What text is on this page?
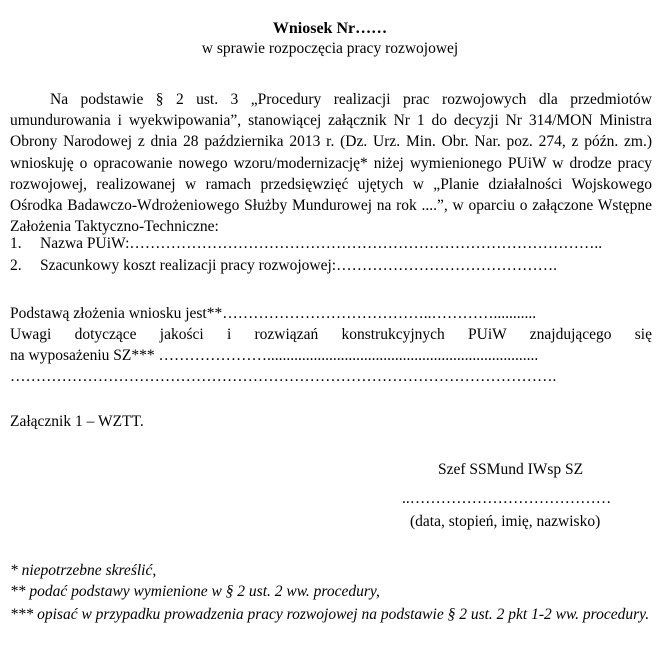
Wniosek Nr……
w sprawie rozpoczęcia pracy rozwojowej
Na podstawie § 2 ust. 3 „Procedury realizacji prac rozwojowych dla przedmiotów umundurowania i wyekwipowania”, stanowiącej załącznik Nr 1 do decyzji Nr 314/MON Ministra Obrony Narodowej z dnia 28 października 2013 r. (Dz. Urz. Min. Obr. Nar. poz. 274, z późn. zm.) wnioskuję o opracowanie nowego wzoru/modernizację* niżej wymienionego PUiW w drodze pracy rozwojowej, realizowanej w ramach przedsięwzięć ujętych w „Planie działalności Wojskowego Ośrodka Badawczo-Wdrożeniowego Służby Mundurowej na rok ....”, w oparciu o załączone Wstępne Założenia Taktyczno-Techniczne:
1. Nazwa PUiW:………………………………………………………………………………..
2. Szacunkowy koszt realizacji pracy rozwojowej:…………………………………….
Podstawą złożenia wniosku jest**…………………………………..…………...........
Uwagi dotyczące jakości i rozwiązań konstrukcyjnych PUiW znajdującego się
na wyposażeniu SZ*** …………………......................................................................
…………………………………………………………………………………………….
Załącznik 1 – WZTT.
Szef SSMund IWsp SZ
..…………………………………
(data, stopień, imię, nazwisko)
* niepotrzebne skreślić,
** podać podstawy wymienione w § 2 ust. 2 ww. procedury,
*** opisać w przypadku prowadzenia pracy rozwojowej na podstawie § 2 ust. 2 pkt 1-2 ww. procedury.
